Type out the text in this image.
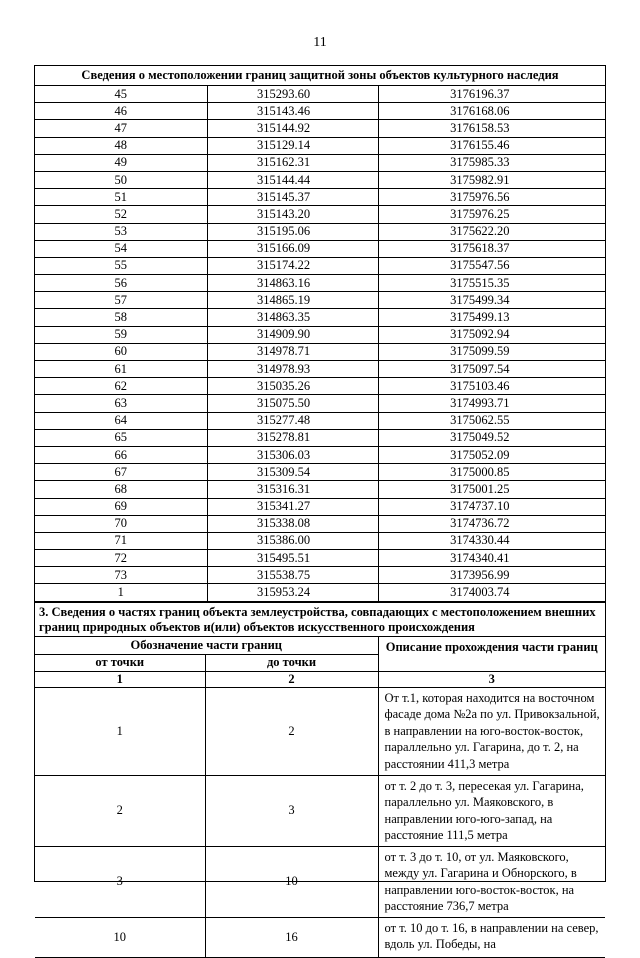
11
Сведения о местоположении границ защитной зоны объектов культурного наследия
45	315293.60	3176196.37
46	315143.46	3176168.06
47	315144.92	3176158.53
48	315129.14	3176155.46
49	315162.31	3175985.33
50	315144.44	3175982.91
51	315145.37	3175976.56
52	315143.20	3175976.25
53	315195.06	3175622.20
54	315166.09	3175618.37
55	315174.22	3175547.56
56	314863.16	3175515.35
57	314865.19	3175499.34
58	314863.35	3175499.13
59	314909.90	3175092.94
60	314978.71	3175099.59
61	314978.93	3175097.54
62	315035.26	3175103.46
63	315075.50	3174993.71
64	315277.48	3175062.55
65	315278.81	3175049.52
66	315306.03	3175052.09
67	315309.54	3175000.85
68	315316.31	3175001.25
69	315341.27	3174737.10
70	315338.08	3174736.72
71	315386.00	3174330.44
72	315495.51	3174340.41
73	315538.75	3173956.99
1	315953.24	3174003.74
3. Сведения о частях границ объекта землеустройства, совпадающих с местоположением внешних границ природных объектов и(или) объектов искусственного происхождения
Обозначение части границ		Описание прохождения части границ
от точки	до точки	
1	2	3
1	2	От т.1, которая находится на восточном фасаде дома №2а по ул. Привокзальной, в направлении на юго-восток-восток, параллельно ул. Гагарина, до т. 2, на расстоянии 411,3 метра
2	3	от т. 2 до т. 3, пересекая ул. Гагарина, параллельно ул. Маяковского, в направлении юго-юго-запад, на расстояние 111,5 метра
3	10	от т. 3 до т. 10, от ул. Маяковского, между ул. Гагарина и Обнорского, в направлении юго-восток-восток, на расстояние 736,7 метра
10	16	от т. 10 до т. 16, в направлении на север, вдоль ул. Победы, на
